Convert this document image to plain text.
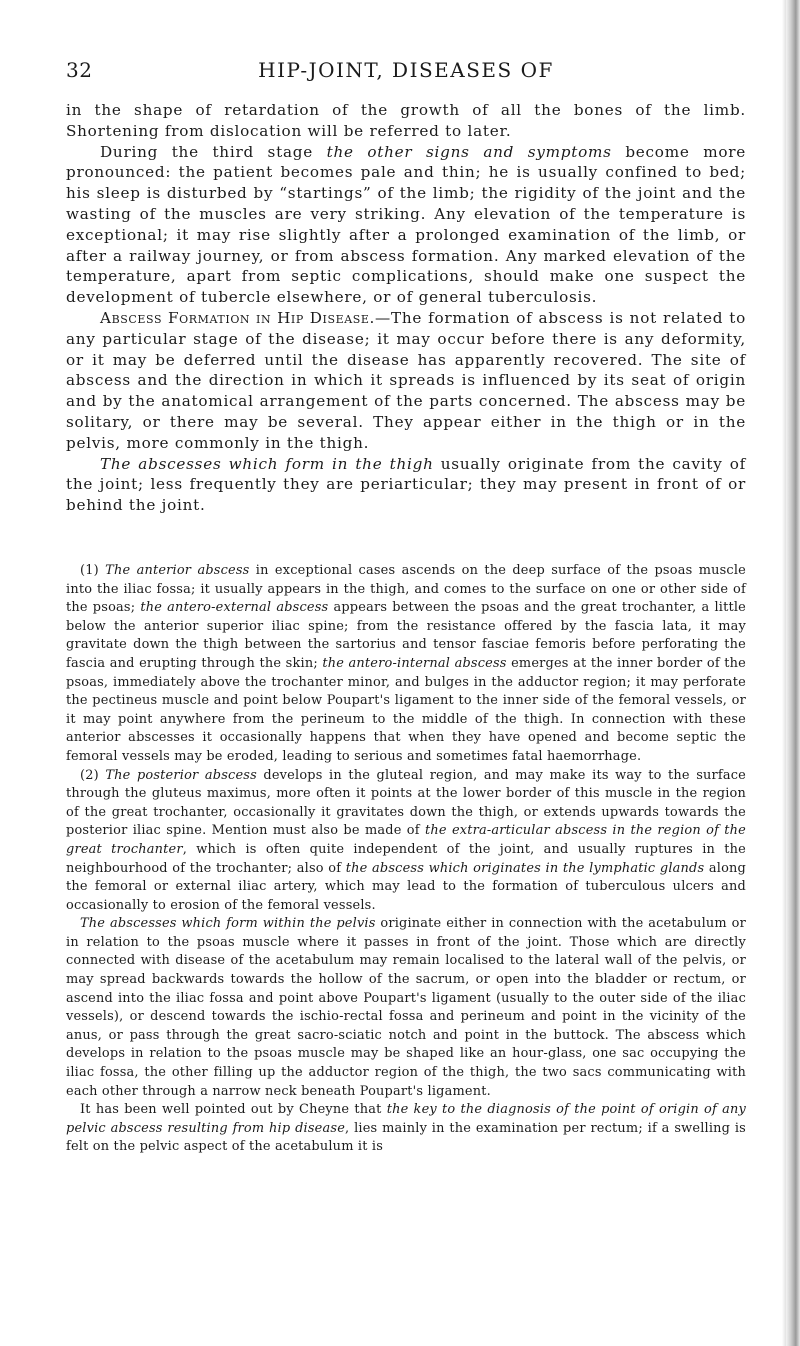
32	HIP-JOINT, DISEASES OF

in the shape of retardation of the growth of all the bones of the limb. Shortening from dislocation will be referred to later.

During the third stage the other signs and symptoms become more pronounced: the patient becomes pale and thin; he is usually confined to bed; his sleep is disturbed by “startings” of the limb; the rigidity of the joint and the wasting of the muscles are very striking. Any elevation of the temperature is exceptional; it may rise slightly after a prolonged examination of the limb, or after a railway journey, or from abscess formation. Any marked elevation of the temperature, apart from septic complications, should make one suspect the development of tubercle elsewhere, or of general tuberculosis.

Abscess Formation in Hip Disease.—The formation of abscess is not related to any particular stage of the disease; it may occur before there is any deformity, or it may be deferred until the disease has apparently recovered. The site of abscess and the direction in which it spreads is influenced by its seat of origin and by the anatomical arrangement of the parts concerned. The abscess may be solitary, or there may be several. They appear either in the thigh or in the pelvis, more commonly in the thigh.

The abscesses which form in the thigh usually originate from the cavity of the joint; less frequently they are periarticular; they may present in front of or behind the joint.

(1) The anterior abscess in exceptional cases ascends on the deep surface of the psoas muscle into the iliac fossa; it usually appears in the thigh, and comes to the surface on one or other side of the psoas; the antero-external abscess appears between the psoas and the great trochanter, a little below the anterior superior iliac spine; from the resistance offered by the fascia lata, it may gravitate down the thigh between the sartorius and tensor fasciae femoris before perforating the fascia and erupting through the skin; the antero-internal abscess emerges at the inner border of the psoas, immediately above the trochanter minor, and bulges in the adductor region; it may perforate the pectineus muscle and point below Poupart's ligament to the inner side of the femoral vessels, or it may point anywhere from the perineum to the middle of the thigh. In connection with these anterior abscesses it occasionally happens that when they have opened and become septic the femoral vessels may be eroded, leading to serious and sometimes fatal haemorrhage.

(2) The posterior abscess develops in the gluteal region, and may make its way to the surface through the gluteus maximus, more often it points at the lower border of this muscle in the region of the great trochanter, occasionally it gravitates down the thigh, or extends upwards towards the posterior iliac spine. Mention must also be made of the extra-articular abscess in the region of the great trochanter, which is often quite independent of the joint, and usually ruptures in the neighbourhood of the trochanter; also of the abscess which originates in the lymphatic glands along the femoral or external iliac artery, which may lead to the formation of tuberculous ulcers and occasionally to erosion of the femoral vessels.

The abscesses which form within the pelvis originate either in connection with the acetabulum or in relation to the psoas muscle where it passes in front of the joint. Those which are directly connected with disease of the acetabulum may remain localised to the lateral wall of the pelvis, or may spread backwards towards the hollow of the sacrum, or open into the bladder or rectum, or ascend into the iliac fossa and point above Poupart's ligament (usually to the outer side of the iliac vessels), or descend towards the ischio-rectal fossa and perineum and point in the vicinity of the anus, or pass through the great sacro-sciatic notch and point in the buttock. The abscess which develops in relation to the psoas muscle may be shaped like an hour-glass, one sac occupying the iliac fossa, the other filling up the adductor region of the thigh, the two sacs communicating with each other through a narrow neck beneath Poupart's ligament.

It has been well pointed out by Cheyne that the key to the diagnosis of the point of origin of any pelvic abscess resulting from hip disease, lies mainly in the examination per rectum; if a swelling is felt on the pelvic aspect of the acetabulum it is
